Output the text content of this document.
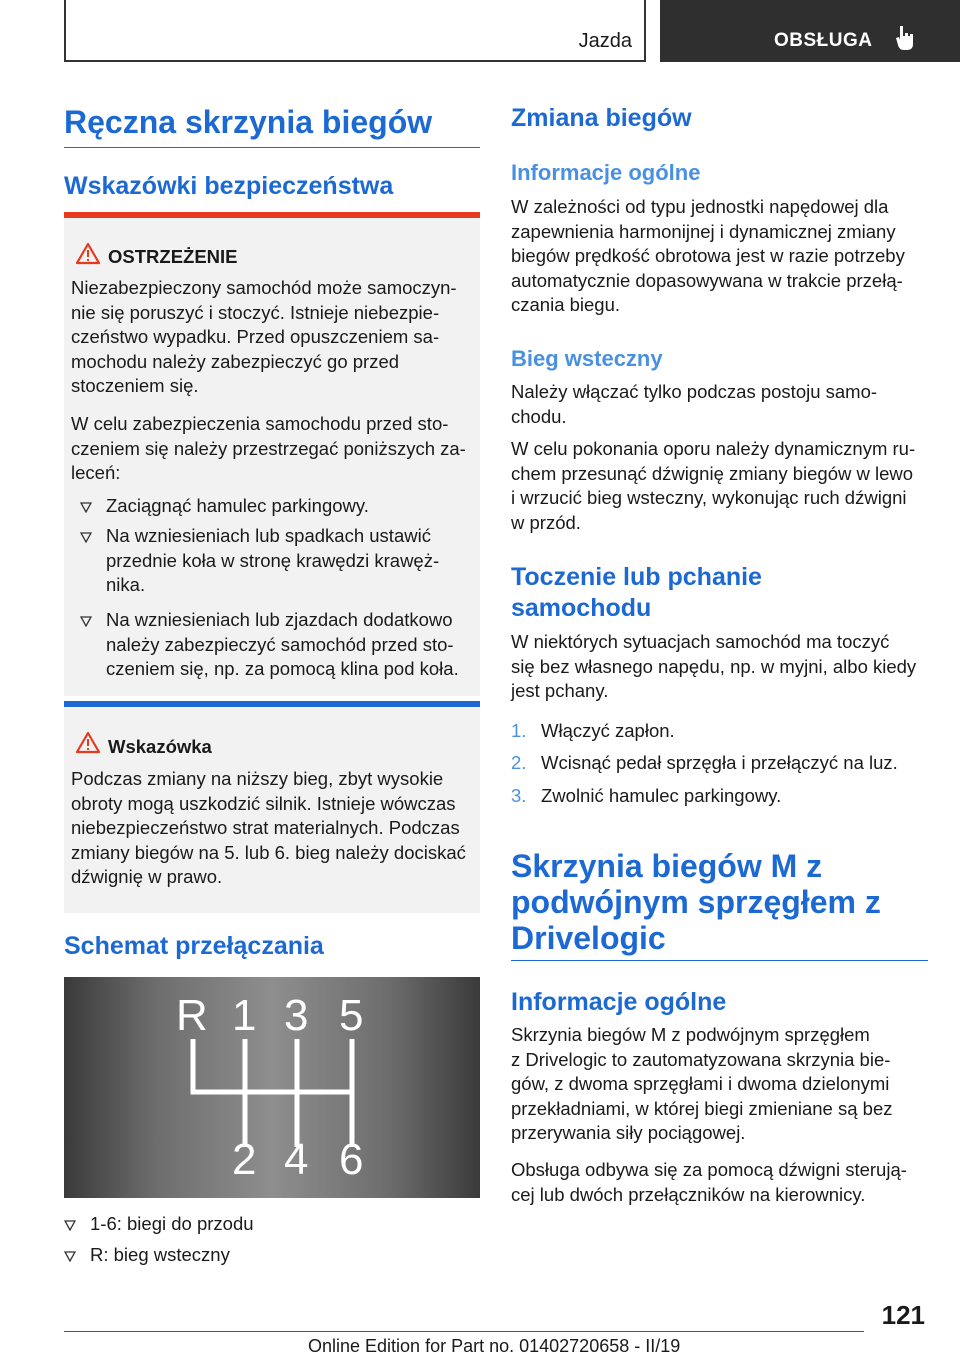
Jazda	OBSŁUGA
Ręczna skrzynia biegów
Wskazówki bezpieczeństwa
OSTRZEŻENIE

Niezabezpieczony samochód może samoczyn-
nie się poruszyć i stoczyć. Istnieje niebezpie-
czeństwo wypadku. Przed opuszczeniem sa-
mochodu należy zabezpieczyć go przed
stoczeniem się.

W celu zabezpieczenia samochodu przed sto-
czeniem się należy przestrzegać poniższych za-
leceń:

Zaciągnąć hamulec parkingowy.

Na wzniesieniach lub spadkach ustawić
przednie koła w stronę krawędzi krawęż-
nika.

Na wzniesieniach lub zjazdach dodatkowo
należy zabezpieczyć samochód przed sto-
czeniem się, np. za pomocą klina pod koła.

Wskazówka

Podczas zmiany na niższy bieg, zbyt wysokie
obroty mogą uszkodzić silnik. Istnieje wówczas
niebezpieczeństwo strat materialnych. Podczas
zmiany biegów na 5. lub 6. bieg należy dociskać
dźwignię w prawo.

Schemat przełączania
R 1 3 5
2 4 6

1-6: biegi do przodu

R: bieg wsteczny

Zmiana biegów
Informacje ogólne

W zależności od typu jednostki napędowej dla
zapewnienia harmonijnej i dynamicznej zmiany
biegów prędkość obrotowa jest w razie potrzeby
automatycznie dopasowywana w trakcie przełą-
czania biegu.

Bieg wsteczny

Należy włączać tylko podczas postoju samo-
chodu.

W celu pokonania oporu należy dynamicznym ru-
chem przesunąć dźwignię zmiany biegów w lewo
i wrzucić bieg wsteczny, wykonując ruch dźwigni
w przód.

Toczenie lub pchanie
samochodu

W niektórych sytuacjach samochód ma toczyć
się bez własnego napędu, np. w myjni, albo kiedy
jest pchany.

1. Włączyć zapłon.
2. Wcisnąć pedał sprzęgła i przełączyć na luz.
3. Zwolnić hamulec parkingowy.
Skrzynia biegów M z
podwójnym sprzęgłem z
Drivelogic
Informacje ogólne

Skrzynia biegów M z podwójnym sprzęgłem
z Drivelogic to zautomatyzowana skrzynia bie-
gów, z dwoma sprzęgłami i dwoma dzielonymi
przekładniami, w której biegi zmieniane są bez
przerywania siły pociągowej.

Obsługa odbywa się za pomocą dźwigni sterują-
cej lub dwóch przełączników na kierownicy.

121
Online Edition for Part no. 01402720658 - II/19
